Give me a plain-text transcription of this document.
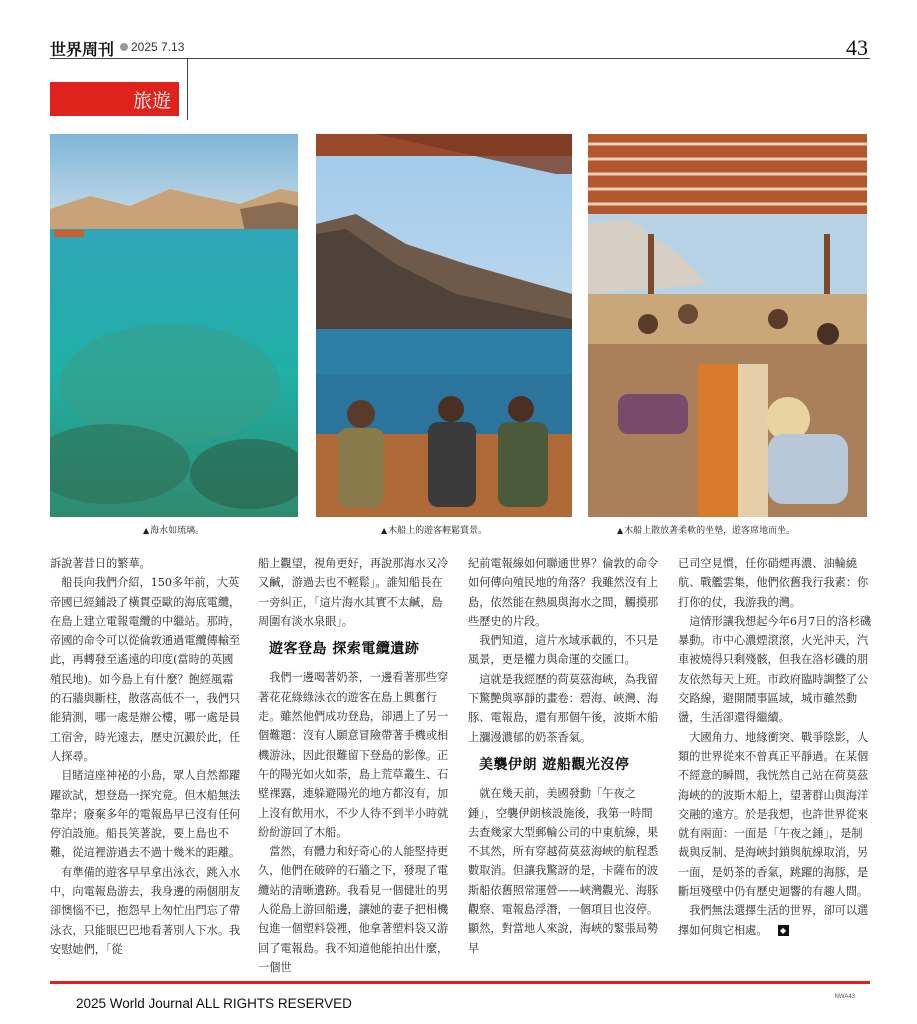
世界周刊	2025 7.13	43
旅遊
▲海水如琉璃。	▲木船上的遊客輕鬆賞景。	▲木船上散放著柔軟的坐墊，遊客席地而坐。

訴說著昔日的繁華。

　船長向我們介紹，150多年前，大英帝國已經鋪設了橫貫亞歐的海底電纜，在島上建立電報電纜的中繼站。那時，帝國的命令可以從倫敦通過電纜傳輸至此，再轉發至遙遠的印度(當時的英國殖民地)。如今島上有什麼？飽經風霜的石牆與斷柱，散落高低不一，我們只能猜測，哪一處是辦公樓，哪一處是員工宿舍，時光遠去，歷史沉澱於此，任人探尋。

　目睹這座神祕的小島，眾人自然都躍躍欲試，想登島一探究竟。但木船無法靠岸；廢棄多年的電報島早已沒有任何停泊設施。船長笑著說，要上島也不難，從這裡游過去不過十幾米的距離。

　有準備的遊客早早拿出泳衣，跳入水中，向電報島游去，我身邊的兩個朋友卻懊惱不已，抱怨早上匆忙出門忘了帶泳衣，只能眼巴巴地看著別人下水。我安慰她們，「從

船上觀望，視角更好，再說那海水又冷又鹹，游過去也不輕鬆」。誰知船長在一旁糾正，「這片海水其實不太鹹，島周圍有淡水泉眼」。

遊客登島 探索電纜遺跡

　我們一邊喝著奶茶，一邊看著那些穿著花花綠綠泳衣的遊客在島上興奮行走。雖然他們成功登島，卻遇上了另一個難題：沒有人願意冒險帶著手機或相機游泳，因此很難留下登島的影像。正午的陽光如火如荼，島上荒草叢生、石壁裸露，連躲避陽光的地方都沒有，加上沒有飲用水，不少人待不到半小時就紛紛游回了木船。

　當然，有體力和好奇心的人能堅持更久，他們在破碎的石牆之下，發現了電纜站的清晰遺跡。我看見一個健壯的男人從島上游回船邊，讓她的妻子把相機包進一個塑料袋裡，他拿著塑料袋又游回了電報島。我不知道他能拍出什麼，一個世

紀前電報線如何聯通世界？倫敦的命令如何傳向殖民地的角落？我雖然沒有上島，依然能在熱風與海水之間，觸摸那些歷史的片段。

　我們知道，這片水域承載的，不只是風景，更是權力與命運的交匯口。

　這就是我經歷的荷莫茲海峽，為我留下驚艷與寧靜的畫卷：碧海、峽灣、海豚、電報島，還有那個午後，波斯木船上瀰漫濃郁的奶茶香氣。

美襲伊朗 遊船觀光沒停

　就在幾天前，美國發動「午夜之錘」，空襲伊朗核設施後，我第一時間去查幾家大型郵輪公司的中東航線，果不其然，所有穿越荷莫茲海峽的航程悉數取消。但讓我驚訝的是，卡薩布的波斯船依舊照常運營——峽灣觀光、海豚觀察、電報島浮潛，一個項目也沒停。顯然，對當地人來說，海峽的緊張局勢早

已司空見慣，任你硝煙再濃、油輪繞航、戰艦雲集，他們依舊我行我素：你打你的仗，我游我的灣。

　這情形讓我想起今年6月7日的洛杉磯暴動。市中心濃煙滾滾，火光沖天，汽車被燒得只剩殘骸，但我在洛杉磯的朋友依然每天上班。市政府臨時調整了公交路線，避開鬧事區域，城市雖然動盪，生活卻還得繼續。

　大國角力、地緣衝突、戰爭陰影，人類的世界從來不曾真正平靜過。在某個不經意的瞬間，我恍然自己站在荷莫茲海峽的的波斯木船上，望著群山與海洋交融的遠方。於是我想，也許世界從來就有兩面：一面是「午夜之錘」，是制裁與反制、是海峽封鎖與航線取消，另一面，是奶茶的香氣，跳躍的海豚，是斷垣殘壁中仍有歷史迴響的有趣人間。

　我們無法選擇生活的世界，卻可以選擇如何與它相處。 ◆

2025 World Journal ALL RIGHTS RESERVED	NWA43
